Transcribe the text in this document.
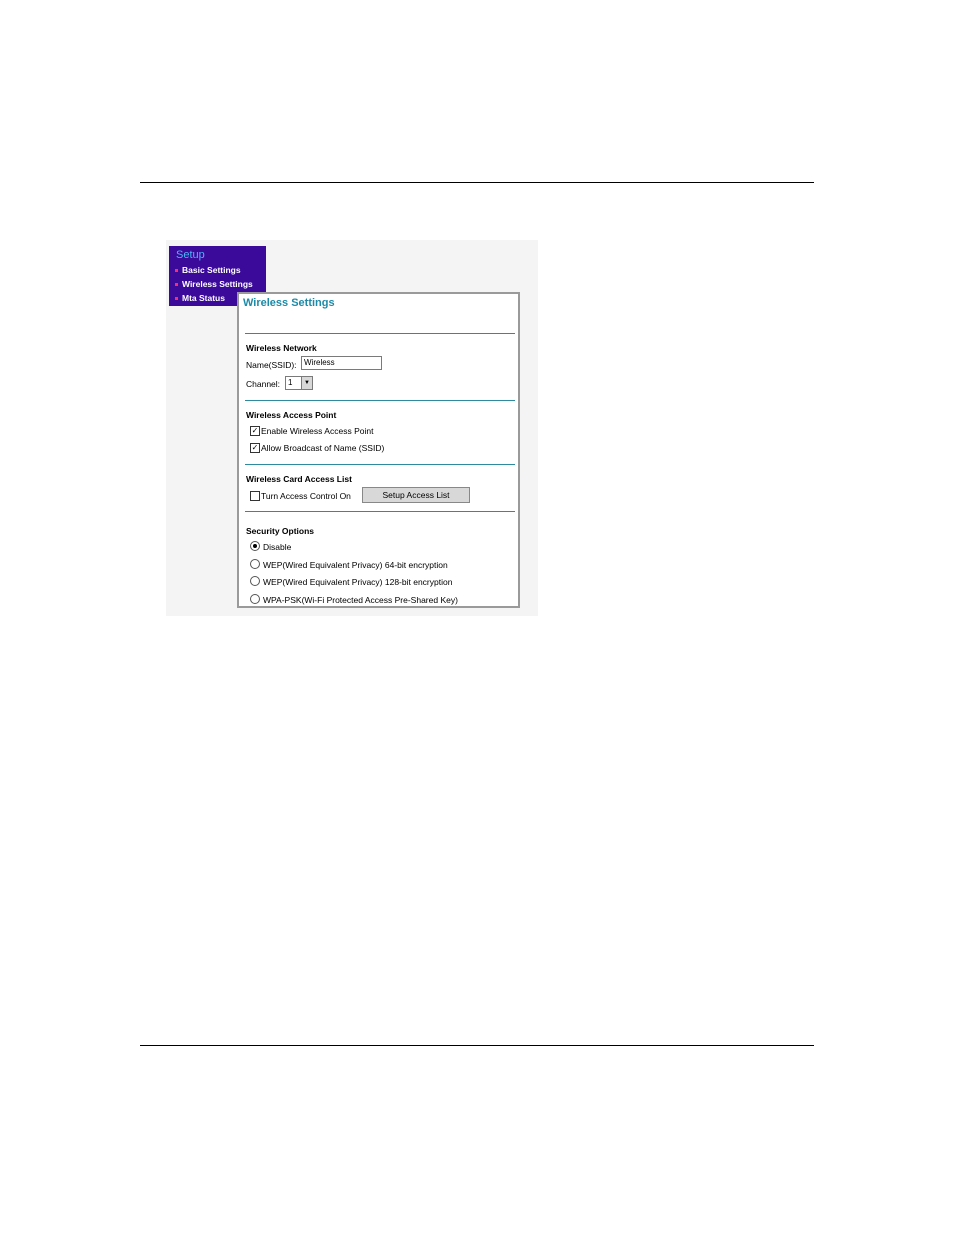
Setup
Basic Settings
Wireless Settings
Mta Status Wireless Settings
Wireless Network
Name(SSID): Wireless
Channel: 1	▼
Wireless Access Point
✓ Enable Wireless Access Point
✓ Allow Broadcast of Name (SSID)
Wireless Card Access List
Turn Access Control On	Setup Access List
Security Options
Disable
WEP(Wired Equivalent Privacy) 64-bit encryption
WEP(Wired Equivalent Privacy) 128-bit encryption
WPA-PSK(Wi-Fi Protected Access Pre-Shared Key)
